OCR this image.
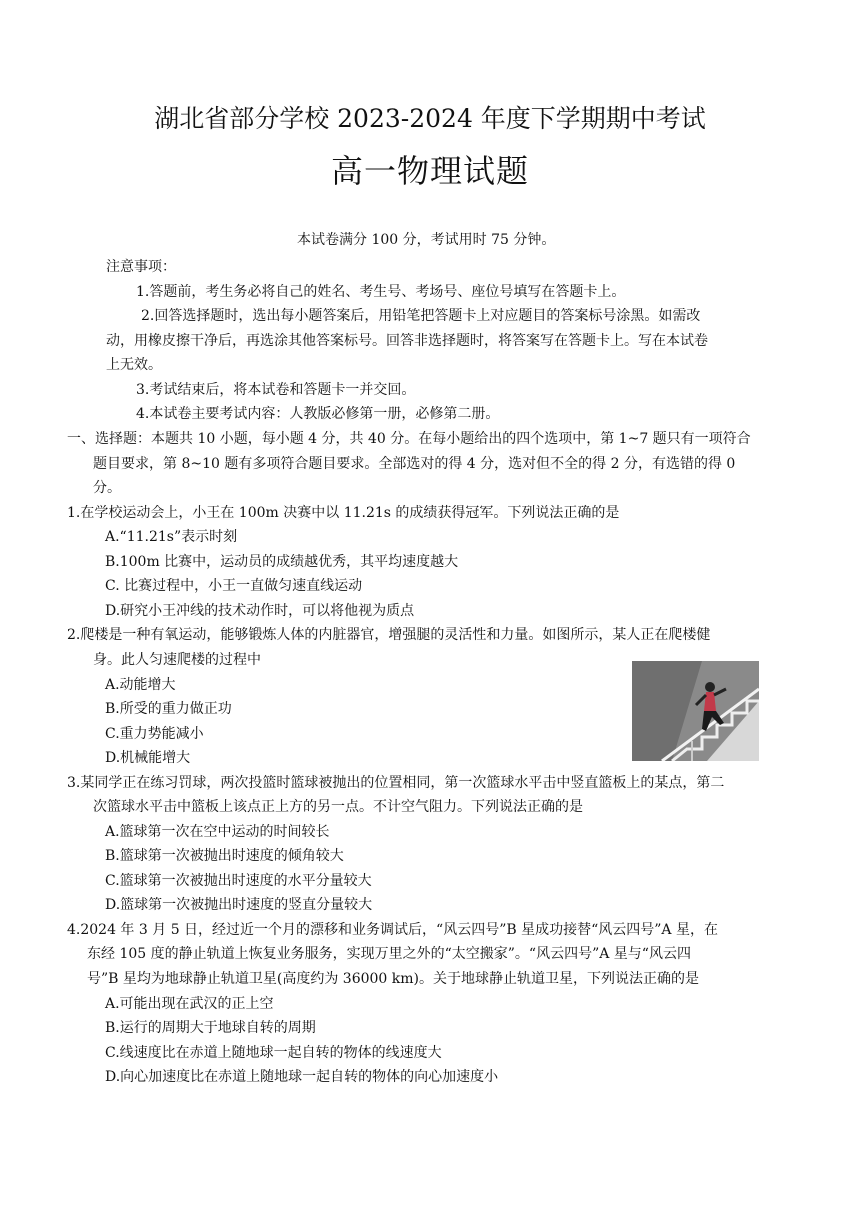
湖北省部分学校 2023-2024 年度下学期期中考试
高一物理试题
本试卷满分 100 分，考试用时 75 分钟。
注意事项：
1.答题前，考生务必将自己的姓名、考生号、考场号、座位号填写在答题卡上。
2.回答选择题时，选出每小题答案后，用铅笔把答题卡上对应题目的答案标号涂黑。如需改
动，用橡皮擦干净后，再选涂其他答案标号。回答非选择题时，将答案写在答题卡上。写在本试卷
上无效。
3.考试结束后，将本试卷和答题卡一并交回。
4.本试卷主要考试内容：人教版必修第一册，必修第二册。
一、选择题：本题共 10 小题，每小题 4 分，共 40 分。在每小题给出的四个选项中，第 1~7 题只有一项符合
题目要求，第 8~10 题有多项符合题目要求。全部选对的得 4 分，选对但不全的得 2 分，有选错的得 0
分。
1.在学校运动会上，小王在 100m 决赛中以 11.21s 的成绩获得冠军。下列说法正确的是
A.“11.21s”表示时刻
B.100m 比赛中，运动员的成绩越优秀，其平均速度越大
C. 比赛过程中，小王一直做匀速直线运动
D.研究小王冲线的技术动作时，可以将他视为质点
2.爬楼是一种有氧运动，能够锻炼人体的内脏器官，增强腿的灵活性和力量。如图所示，某人正在爬楼健
身。此人匀速爬楼的过程中
A.动能增大
B.所受的重力做正功
C.重力势能减小
D.机械能增大
3.某同学正在练习罚球，两次投篮时篮球被抛出的位置相同，第一次篮球水平击中竖直篮板上的某点，第二
次篮球水平击中篮板上该点正上方的另一点。不计空气阻力。下列说法正确的是
A.篮球第一次在空中运动的时间较长
B.篮球第一次被抛出时速度的倾角较大
C.篮球第一次被抛出时速度的水平分量较大
D.篮球第一次被抛出时速度的竖直分量较大
4.2024 年 3 月 5 日，经过近一个月的漂移和业务调试后，“风云四号”B 星成功接替“风云四号”A 星，在
东经 105 度的静止轨道上恢复业务服务，实现万里之外的“太空搬家”。“风云四号”A 星与“风云四
号”B 星均为地球静止轨道卫星(高度约为 36000 km)。关于地球静止轨道卫星，下列说法正确的是
A.可能出现在武汉的正上空
B.运行的周期大于地球自转的周期
C.线速度比在赤道上随地球一起自转的物体的线速度大
D.向心加速度比在赤道上随地球一起自转的物体的向心加速度小
